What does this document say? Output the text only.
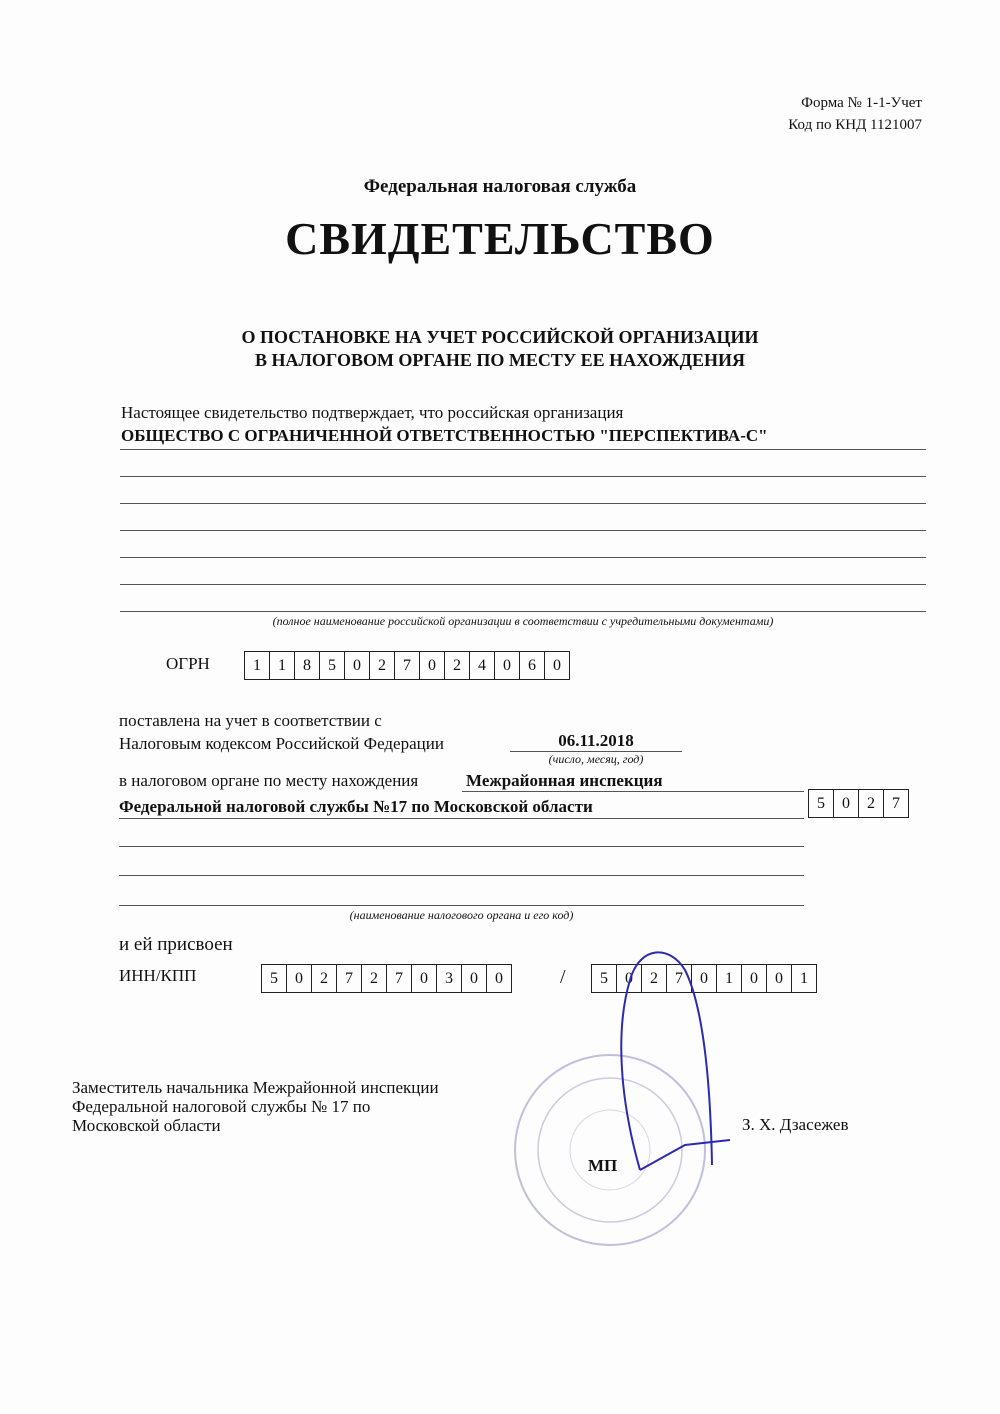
Форма № 1-1-Учет
Код по КНД 1121007
Федеральная налоговая служба
СВИДЕТЕЛЬСТВО
О ПОСТАНОВКЕ НА УЧЕТ РОССИЙСКОЙ ОРГАНИЗАЦИИ
В НАЛОГОВОМ ОРГАНЕ ПО МЕСТУ ЕЕ НАХОЖДЕНИЯ
Настоящее свидетельство подтверждает, что российская организация
ОБЩЕСТВО С ОГРАНИЧЕННОЙ ОТВЕТСТВЕННОСТЬЮ "ПЕРСПЕКТИВА-С"
(полное наименование российской организации в соответствии с учредительными документами)
ОГРН	1	1	8	5	0	2	7	0	2	4	0	6	0
поставлена на учет в соответствии с
Налоговым кодексом Российской Федерации	06.11.2018
(число, месяц, год)
в налоговом органе по месту нахождения	Межрайонная инспекция
Федеральной налоговой службы №17 по Московской области	5	0	2	7
(наименование налогового органа и его код)
и ей присвоен
ИНН/КПП	5	0	2	7	2	7	0	3	0	0	/	5	0	2	7	0	1	0	0	1
Заместитель начальника Межрайонной инспекции
Федеральной налоговой службы № 17 по
Московской области
МП
З. Х. Дзасежев
